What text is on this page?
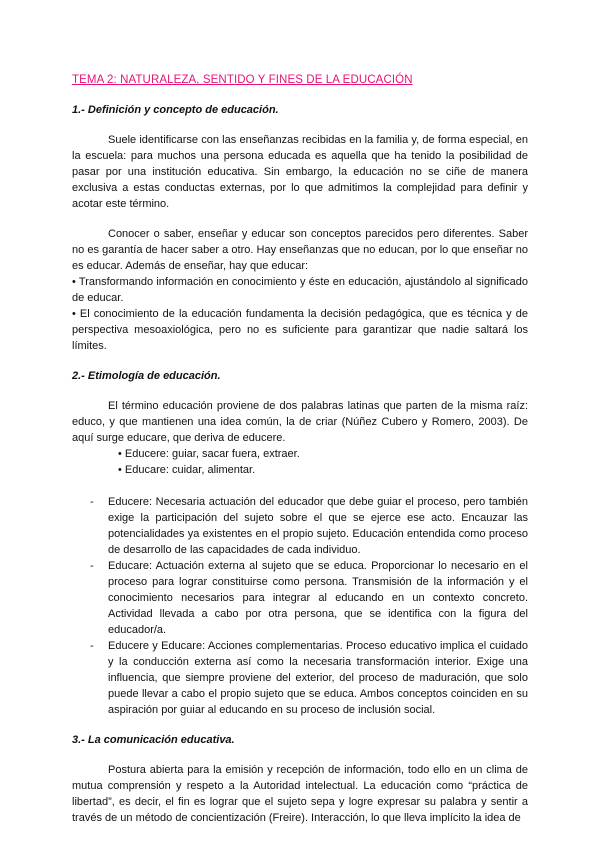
TEMA 2: NATURALEZA, SENTIDO Y FINES DE LA EDUCACIÓN
1.- Definición y concepto de educación.
Suele identificarse con las enseñanzas recibidas en la familia y, de forma especial, en la escuela: para muchos una persona educada es aquella que ha tenido la posibilidad de pasar por una institución educativa. Sin embargo, la educación no se ciñe de manera exclusiva a estas conductas externas, por lo que admitimos la complejidad para definir y acotar este término.
Conocer o saber, enseñar y educar son conceptos parecidos pero diferentes. Saber no es garantía de hacer saber a otro. Hay enseñanzas que no educan, por lo que enseñar no es educar. Además de enseñar, hay que educar:
• Transformando información en conocimiento y éste en educación, ajustándolo al significado de educar.
• El conocimiento de la educación fundamenta la decisión pedagógica, que es técnica y de perspectiva mesoaxiológica, pero no es suficiente para garantizar que nadie saltará los límites.
2.- Etimología de educación.
El término educación proviene de dos palabras latinas que parten de la misma raíz: educo, y que mantienen una idea común, la de criar (Núñez Cubero y Romero, 2003). De aquí surge educare, que deriva de educere.
• Educere: guiar, sacar fuera, extraer.
• Educare: cuidar, alimentar.
-	Educere: Necesaria actuación del educador que debe guiar el proceso, pero también exige la participación del sujeto sobre el que se ejerce ese acto. Encauzar las potencialidades ya existentes en el propio sujeto. Educación entendida como proceso de desarrollo de las capacidades de cada individuo.
-	Educare: Actuación externa al sujeto que se educa. Proporcionar lo necesario en el proceso para lograr constituirse como persona. Transmisión de la información y el conocimiento necesarios para integrar al educando en un contexto concreto. Actividad llevada a cabo por otra persona, que se identifica con la figura del educador/a.
-	Educere y Educare: Acciones complementarias. Proceso educativo implica el cuidado y la conducción externa así como la necesaria transformación interior. Exige una influencia, que siempre proviene del exterior, del proceso de maduración, que solo puede llevar a cabo el propio sujeto que se educa. Ambos conceptos coinciden en su aspiración por guiar al educando en su proceso de inclusión social.
3.- La comunicación educativa.
Postura abierta para la emisión y recepción de información, todo ello en un clima de mutua comprensión y respeto a la Autoridad intelectual. La educación como “práctica de libertad”, es decir, el fin es lograr que el sujeto sepa y logre expresar su palabra y sentir a través de un método de concientización (Freire). Interacción, lo que lleva implícito la idea de
